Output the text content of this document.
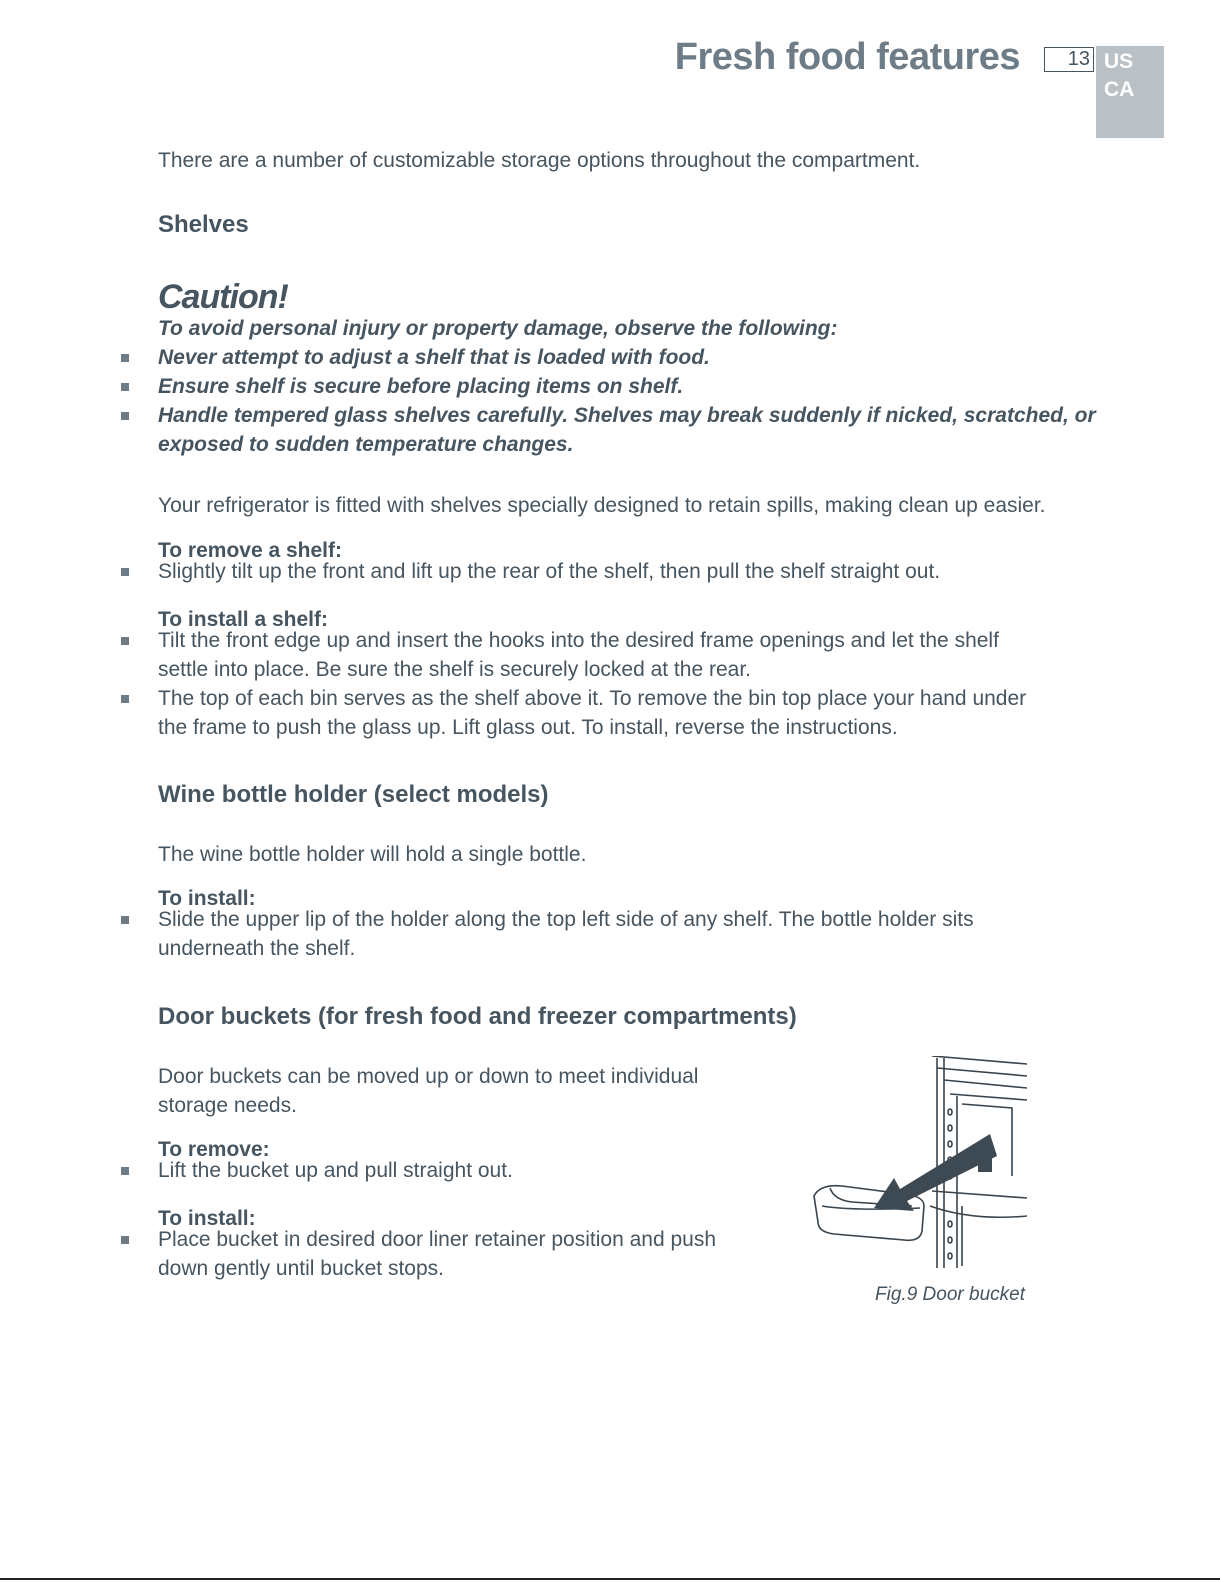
Fresh food features	13 US
CA
There are a number of customizable storage options throughout the compartment.
Shelves
Caution!
To avoid personal injury or property damage, observe the following:
Never attempt to adjust a shelf that is loaded with food.
Ensure shelf is secure before placing items on shelf.
Handle tempered glass shelves carefully. Shelves may break suddenly if nicked, scratched, or
exposed to sudden temperature changes.
Your refrigerator is fitted with shelves specially designed to retain spills, making clean up easier.
To remove a shelf:
Slightly tilt up the front and lift up the rear of the shelf, then pull the shelf straight out.
To install a shelf:
Tilt the front edge up and insert the hooks into the desired frame openings and let the shelf
settle into place. Be sure the shelf is securely locked at the rear.
The top of each bin serves as the shelf above it. To remove the bin top place your hand under
the frame to push the glass up. Lift glass out. To install, reverse the instructions.
Wine bottle holder (select models)
The wine bottle holder will hold a single bottle.
To install:
Slide the upper lip of the holder along the top left side of any shelf. The bottle holder sits
underneath the shelf.
Door buckets (for fresh food and freezer compartments)
Door buckets can be moved up or down to meet individual
storage needs.
To remove:
Lift the bucket up and pull straight out.
To install:
Place bucket in desired door liner retainer position and push
down gently until bucket stops.
Fig.9 Door bucket
